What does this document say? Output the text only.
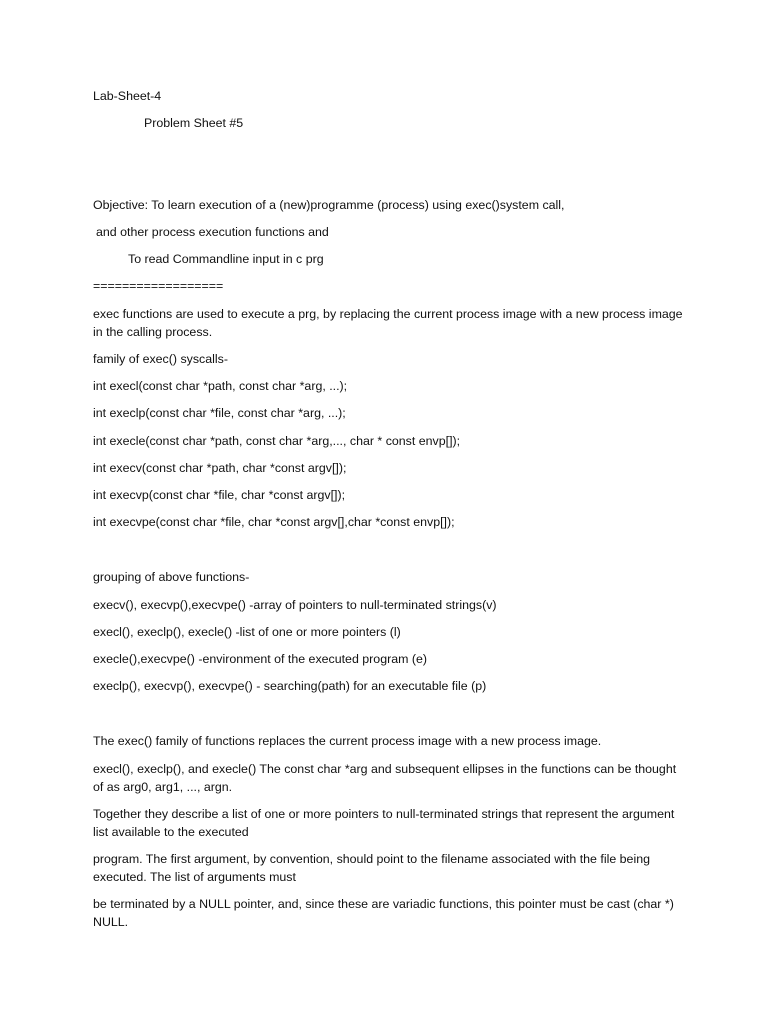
Lab-Sheet-4
Problem Sheet #5
Objective: To learn execution of a (new)programme (process) using exec()system call,
and other process execution functions and
To read Commandline input in c prg
==================
exec functions are used to execute a prg, by replacing the current process image with a new process image in the calling process.
family of exec() syscalls-
int execl(const char *path, const char *arg, ...);
int execlp(const char *file, const char *arg, ...);
int execle(const char *path, const char *arg,..., char * const envp[]);
int execv(const char *path, char *const argv[]);
int execvp(const char *file, char *const argv[]);
int execvpe(const char *file, char *const argv[],char *const envp[]);
grouping of above functions-
execv(), execvp(),execvpe() -array of pointers to null-terminated strings(v)
execl(), execlp(), execle() -list of one or more pointers (l)
execle(),execvpe() -environment of the executed program (e)
execlp(), execvp(), execvpe() - searching(path) for an executable file (p)
The exec() family of functions replaces the current process image with a new process image.
execl(), execlp(), and execle() The const char *arg and subsequent ellipses in the functions can be thought of as arg0, arg1, ..., argn.
Together they describe a list of one or more pointers to null-terminated strings that represent the argument list available to the executed
program. The first argument, by convention, should point to the filename associated with the file being executed. The list of arguments must
be terminated by a NULL pointer, and, since these are variadic functions, this pointer must be cast (char *) NULL.
